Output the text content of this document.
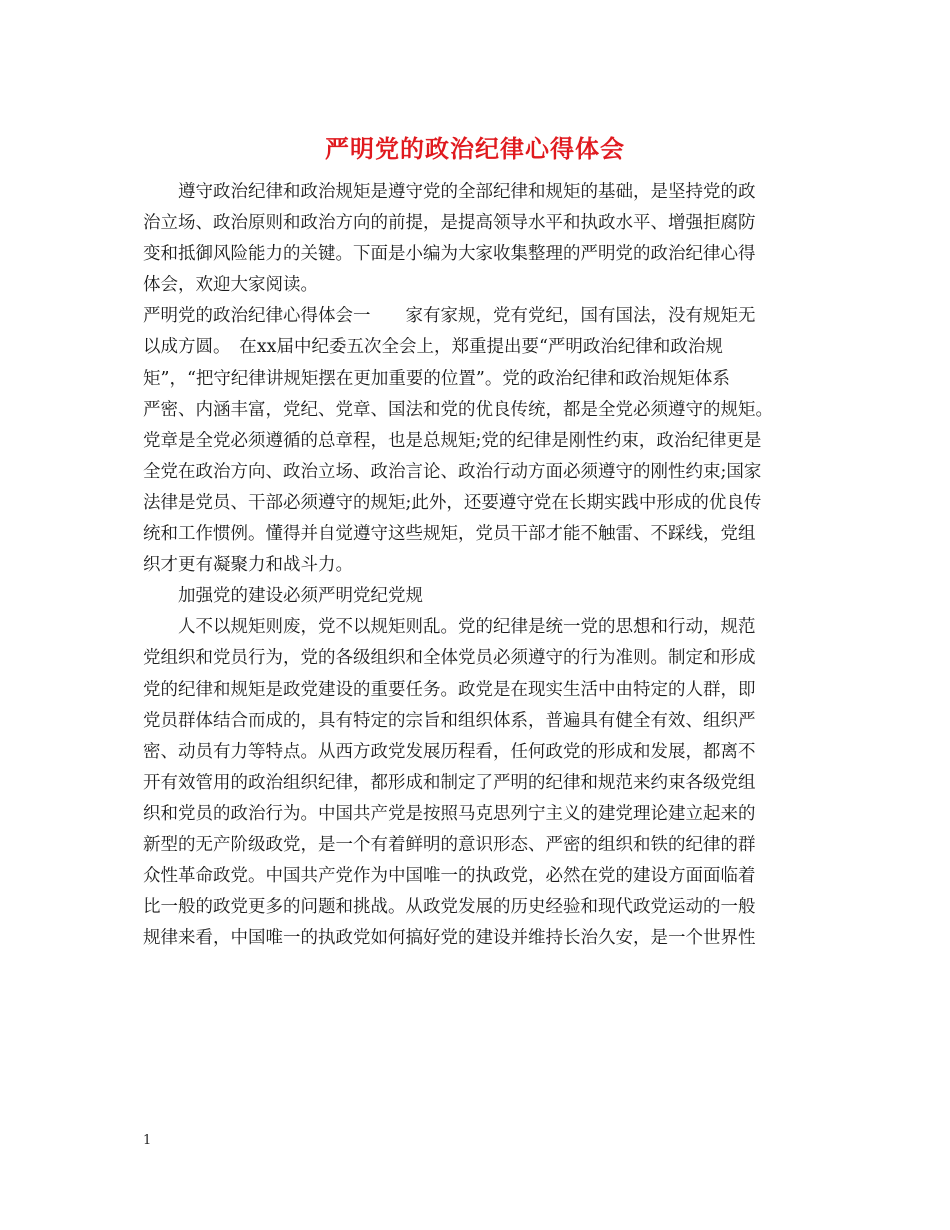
严明党的政治纪律心得体会
　　遵守政治纪律和政治规矩是遵守党的全部纪律和规矩的基础，是坚持党的政
治立场、政治原则和政治方向的前提，是提高领导水平和执政水平、增强拒腐防
变和抵御风险能力的关键。下面是小编为大家收集整理的严明党的政治纪律心得
体会，欢迎大家阅读。
严明党的政治纪律心得体会一　　家有家规，党有党纪，国有国法，没有规矩无
以成方圆。　在xx届中纪委五次全会上，郑重提出要“严明政治纪律和政治规
矩”，“把守纪律讲规矩摆在更加重要的位置”。党的政治纪律和政治规矩体系
严密、内涵丰富，党纪、党章、国法和党的优良传统，都是全党必须遵守的规矩。
党章是全党必须遵循的总章程，也是总规矩;党的纪律是刚性约束，政治纪律更是
全党在政治方向、政治立场、政治言论、政治行动方面必须遵守的刚性约束;国家
法律是党员、干部必须遵守的规矩;此外，还要遵守党在长期实践中形成的优良传
统和工作惯例。懂得并自觉遵守这些规矩，党员干部才能不触雷、不踩线，党组
织才更有凝聚力和战斗力。
　　加强党的建设必须严明党纪党规
　　人不以规矩则废，党不以规矩则乱。党的纪律是统一党的思想和行动，规范
党组织和党员行为，党的各级组织和全体党员必须遵守的行为准则。制定和形成
党的纪律和规矩是政党建设的重要任务。政党是在现实生活中由特定的人群，即
党员群体结合而成的，具有特定的宗旨和组织体系，普遍具有健全有效、组织严
密、动员有力等特点。从西方政党发展历程看，任何政党的形成和发展，都离不
开有效管用的政治组织纪律，都形成和制定了严明的纪律和规范来约束各级党组
织和党员的政治行为。中国共产党是按照马克思列宁主义的建党理论建立起来的
新型的无产阶级政党，是一个有着鲜明的意识形态、严密的组织和铁的纪律的群
众性革命政党。中国共产党作为中国唯一的执政党，必然在党的建设方面面临着
比一般的政党更多的问题和挑战。从政党发展的历史经验和现代政党运动的一般
规律来看，中国唯一的执政党如何搞好党的建设并维持长治久安，是一个世界性
1
